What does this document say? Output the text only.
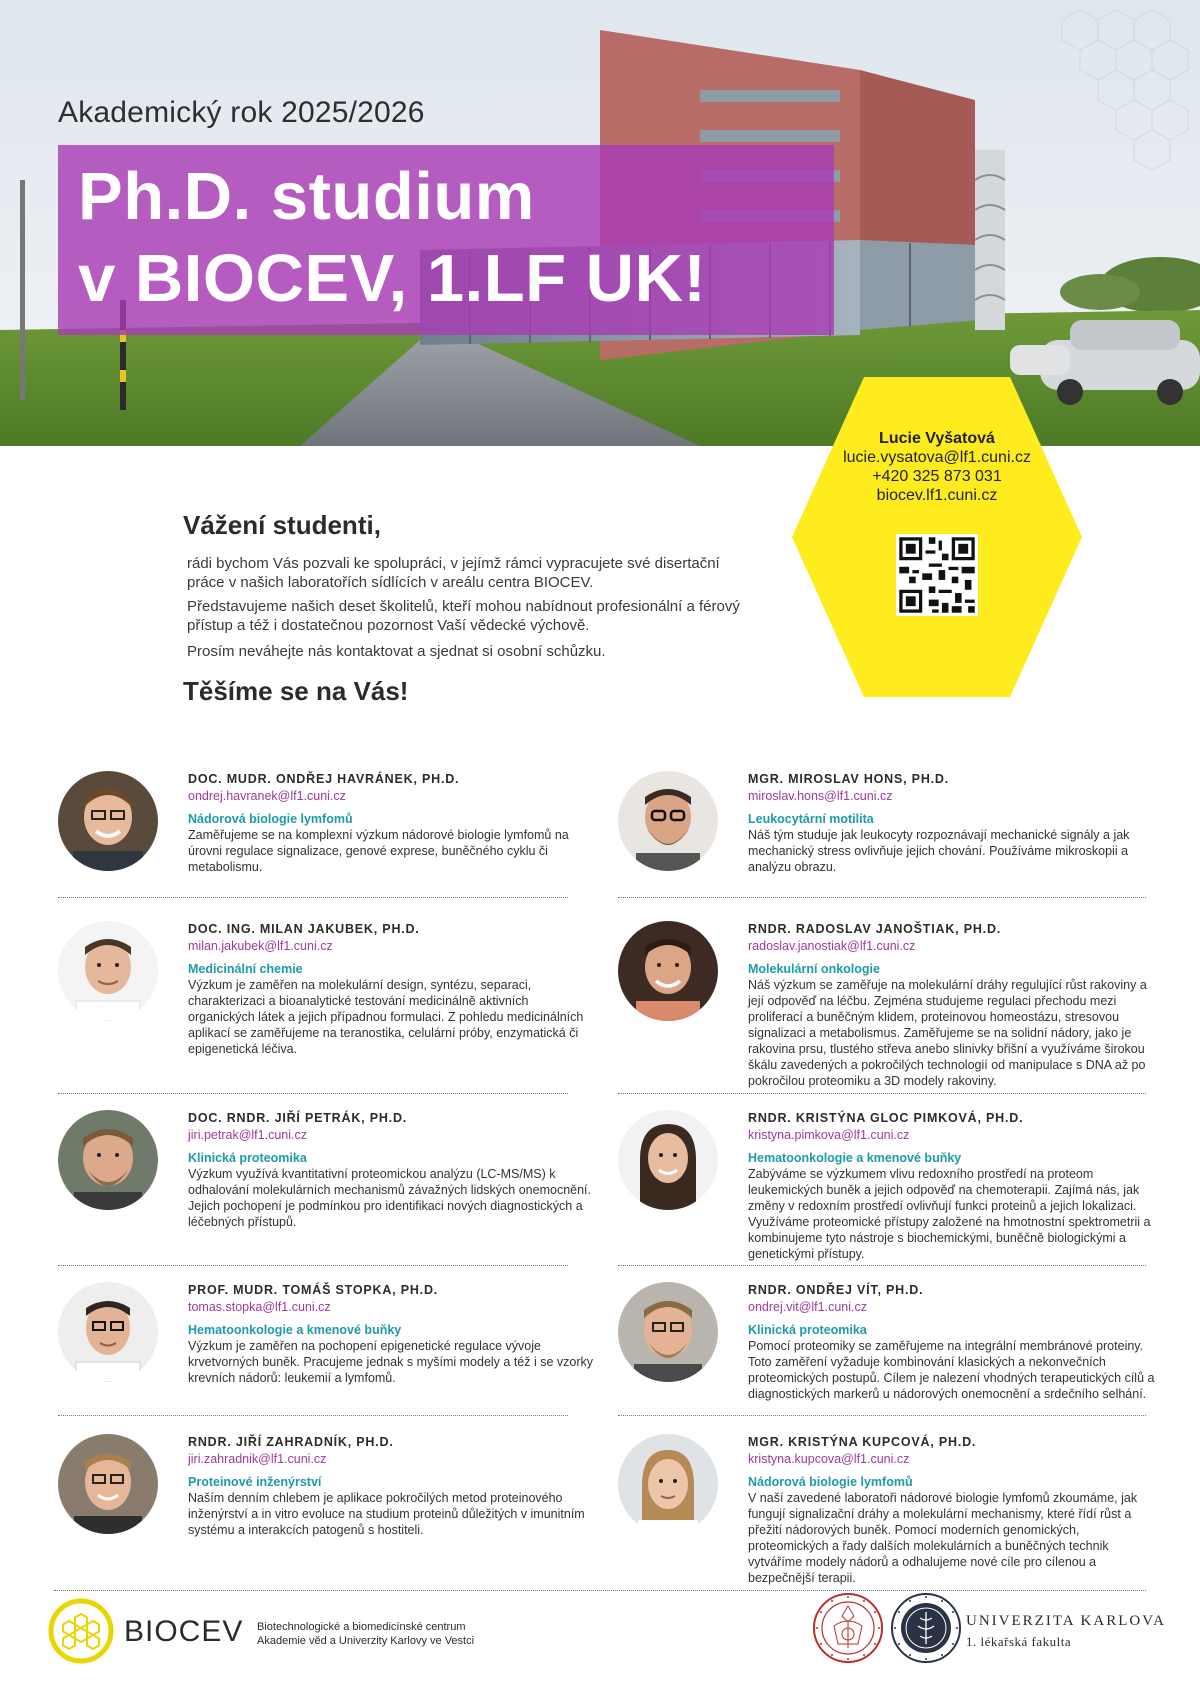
Akademický rok 2025/2026
Ph.D. studium
v BIOCEV, 1.LF UK!
Lucie Vyšatová
lucie.vysatova@lf1.cuni.cz
+420 325 873 031
biocev.lf1.cuni.cz
Vážení studenti,
rádi bychom Vás pozvali ke spolupráci, v jejímž rámci vypracujete své disertační práce v našich laboratořích sídlících v areálu centra BIOCEV.
Představujeme našich deset školitelů, kteří mohou nabídnout profesionální a férový přístup a též i dostatečnou pozornost Vaší vědecké výchově.
Prosím neváhejte nás kontaktovat a sjednat si osobní schůzku.
Těšíme se na Vás!
DOC. MUDR. ONDŘEJ HAVRÁNEK, PH.D.
ondrej.havranek@lf1.cuni.cz
Nádorová biologie lymfomů
Zaměřujeme se na komplexní výzkum nádorové biologie lymfomů na úrovni regulace signalizace, genové exprese, buněčného cyklu či metabolismu.
MGR. MIROSLAV HONS, PH.D.
miroslav.hons@lf1.cuni.cz
Leukocytární motilita
Náš tým studuje jak leukocyty rozpoznávají mechanické signály a jak mechanický stress ovlivňuje jejich chování. Používáme mikroskopii a analýzu obrazu.
DOC. ING. MILAN JAKUBEK, PH.D.
milan.jakubek@lf1.cuni.cz
Medicinální chemie
Výzkum je zaměřen na molekulární design, syntézu, separaci, charakterizaci a bioanalytické testování medicinálně aktivních organických látek a jejich případnou formulaci. Z pohledu medicinálních aplikací se zaměřujeme na teranostika, celulární próby, enzymatická či epigenetická léčiva.
RNDR. RADOSLAV JANOŠTIAK, PH.D.
radoslav.janostiak@lf1.cuni.cz
Molekulární onkologie
Náš výzkum se zaměřuje na molekulární dráhy regulující růst rakoviny a její odpověď na léčbu. Zejména studujeme regulaci přechodu mezi proliferací a buněčným klidem, proteinovou homeostázu, stresovou signalizaci a metabolismus. Zaměřujeme se na solidní nádory, jako je rakovina prsu, tlustého střeva anebo slinivky břišní a využíváme širokou škálu zavedených a pokročilých technologií od manipulace s DNA až po pokročilou proteomiku a 3D modely rakoviny.
DOC. RNDR. JIŘÍ PETRÁK, PH.D.
jiri.petrak@lf1.cuni.cz
Klinická proteomika
Výzkum využívá kvantitativní proteomickou analýzu (LC-MS/MS) k odhalování molekulárních mechanismů závažných lidských onemocnění. Jejich pochopení je podmínkou pro identifikaci nových diagnostických a léčebných přístupů.
RNDR. KRISTÝNA GLOC PIMKOVÁ, PH.D.
kristyna.pimkova@lf1.cuni.cz
Hematoonkologie a kmenové buňky
Zabýváme se výzkumem vlivu redoxního prostředí na proteom leukemických buněk a jejich odpověď na chemoterapii. Zajímá nás, jak změny v redoxním prostředí ovlivňují funkci proteinů a jejich lokalizaci. Využíváme proteomické přístupy založené na hmotnostní spektrometrii a kombinujeme tyto nástroje s biochemickými, buněčně biologickými a genetickými přístupy.
PROF. MUDR. TOMÁŠ STOPKA, PH.D.
tomas.stopka@lf1.cuni.cz
Hematoonkologie a kmenové buňky
Výzkum je zaměřen na pochopení epigenetické regulace vývoje krvetvorných buněk. Pracujeme jednak s myšími modely a též i se vzorky krevních nádorů: leukemií a lymfomů.
RNDR. ONDŘEJ VÍT, PH.D.
ondrej.vit@lf1.cuni.cz
Klinická proteomika
Pomocí proteomiky se zaměřujeme na integrální membránové proteiny. Toto zaměření vyžaduje kombinování klasických a nekonvečních proteomických postupů. Cílem je nalezení vhodných terapeutických cílů a diagnostických markerů u nádorových onemocnění a srdečního selhání.
RNDR. JIŘÍ ZAHRADNÍK, PH.D.
jiri.zahradnik@lf1.cuni.cz
Proteinové inženýrství
Naším denním chlebem je aplikace pokročilých metod proteinového inženýrství a in vitro evoluce na studium proteinů důležitých v imunitním systému a interakcích patogenů s hostiteli.
MGR. KRISTÝNA KUPCOVÁ, PH.D.
kristyna.kupcova@lf1.cuni.cz
Nádorová biologie lymfomů
V naší zavedené laboratoři nádorové biologie lymfomů zkoumáme, jak fungují signalizační dráhy a molekulární mechanismy, které řídí růst a přežití nádorových buněk. Pomocí moderních genomických, proteomických a řady dalších molekulárních a buněčných technik vytváříme modely nádorů a odhalujeme nové cíle pro cílenou a bezpečnější terapii.
BIOCEV Biotechnologické a biomedicínské centrum
Akademie věd a Univerzity Karlovy ve Vestci
UNIVERZITA KARLOVA
1. lékařská fakulta
